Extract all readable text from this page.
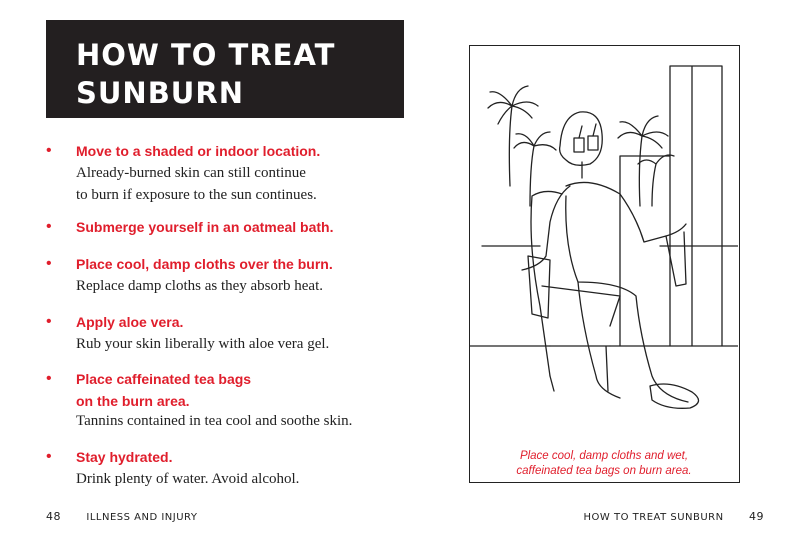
HOW TO TREAT
SUNBURN
• Move to a shaded or indoor location.
Already-burned skin can still continue
to burn if exposure to the sun continues.
• Submerge yourself in an oatmeal bath.
• Place cool, damp cloths over the burn.
Replace damp cloths as they absorb heat.
• Apply aloe vera.
Rub your skin liberally with aloe vera gel.
• Place caffeinated tea bags
on the burn area.
Tannins contained in tea cool and soothe skin.
• Stay hydrated.
Drink plenty of water. Avoid alcohol.
Place cool, damp cloths and wet,
caffeinated tea bags on burn area.
48	ILLNESS AND INJURY	HOW TO TREAT SUNBURN 49
